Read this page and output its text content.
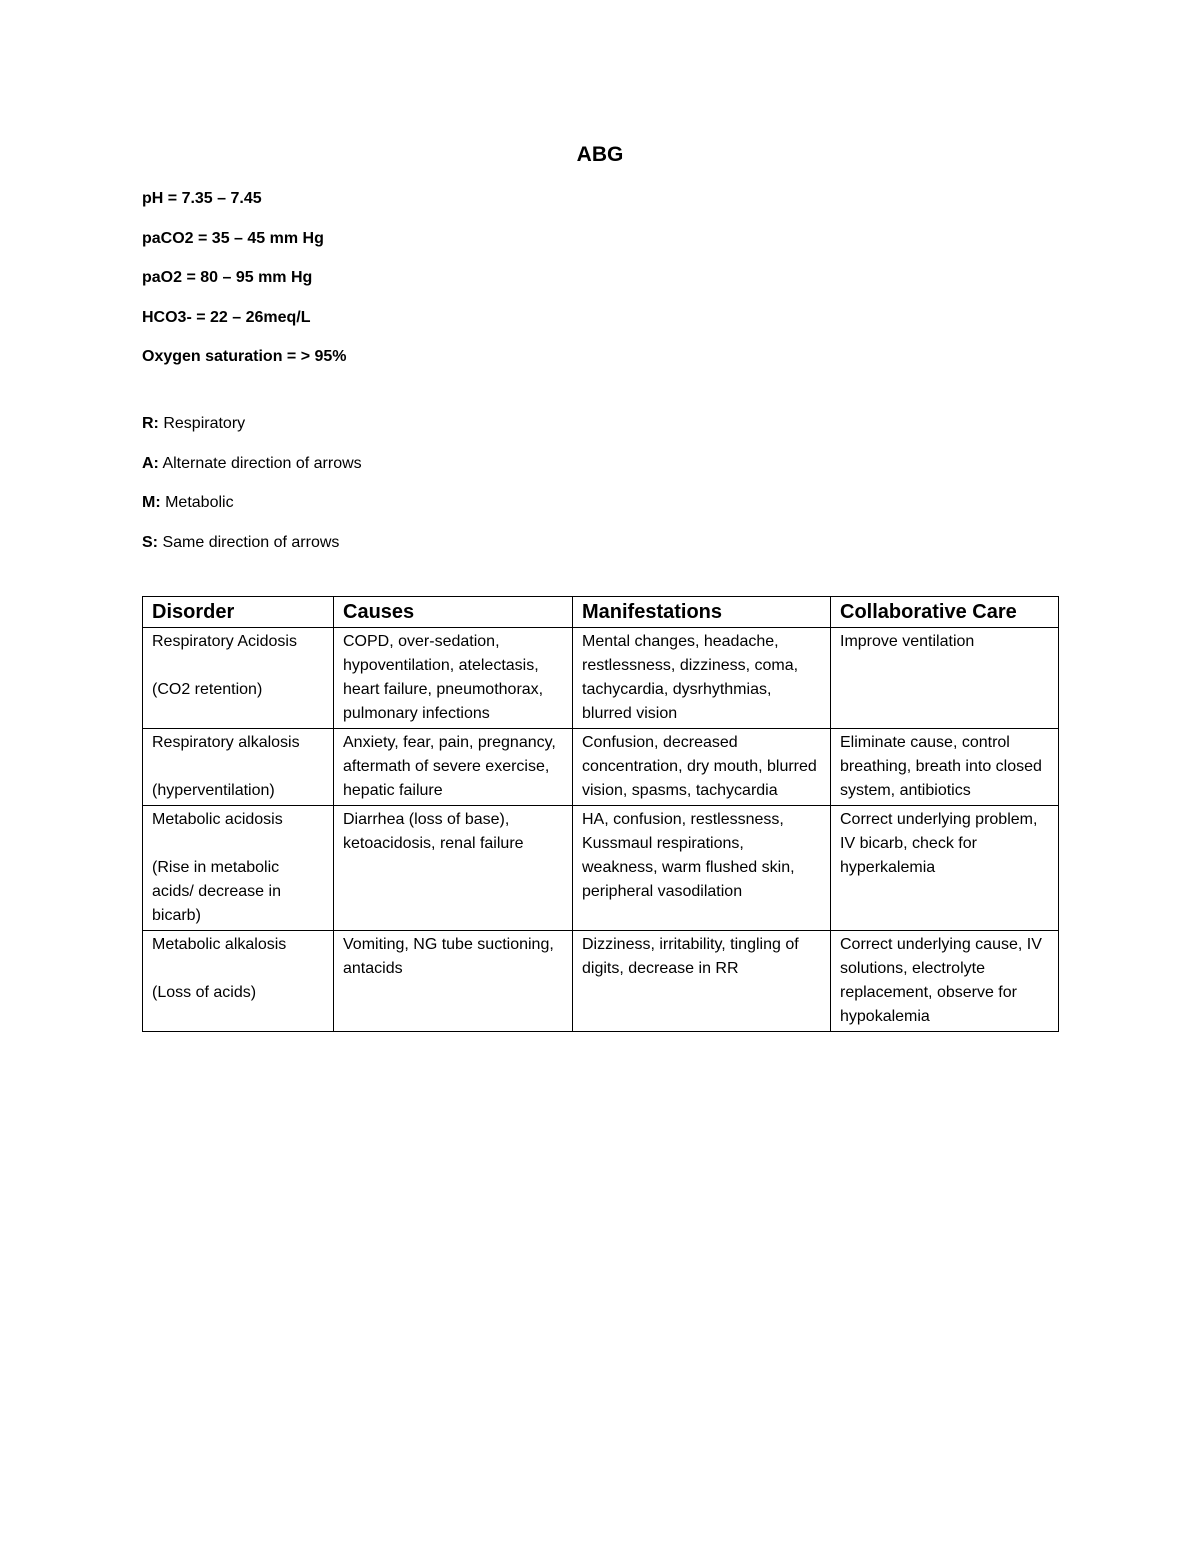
ABG
pH = 7.35 – 7.45
paCO2 = 35 – 45 mm Hg
paO2 = 80 – 95 mm Hg
HCO3- = 22 – 26meq/L
Oxygen saturation = > 95%
R: Respiratory
A: Alternate direction of arrows
M: Metabolic
S: Same direction of arrows
Disorder	Causes	Manifestations	Collaborative Care

Respiratory Acidosis

(CO2 retention)	COPD, over-sedation, hypoventilation, atelectasis, heart failure, pneumothorax, pulmonary infections	Mental changes, headache, restlessness, dizziness, coma, tachycardia, dysrhythmias, blurred vision	Improve ventilation

Respiratory alkalosis

(hyperventilation)	Anxiety, fear, pain, pregnancy, aftermath of severe exercise, hepatic failure	Confusion, decreased concentration, dry mouth, blurred vision, spasms, tachycardia	Eliminate cause, control breathing, breath into closed system, antibiotics

Metabolic acidosis

(Rise in metabolic acids/ decrease in bicarb)	Diarrhea (loss of base), ketoacidosis, renal failure	HA, confusion, restlessness, Kussmaul respirations, weakness, warm flushed skin, peripheral vasodilation	Correct underlying problem, IV bicarb, check for hyperkalemia

Metabolic alkalosis

(Loss of acids)	Vomiting, NG tube suctioning, antacids	Dizziness, irritability, tingling of digits, decrease in RR	Correct underlying cause, IV solutions, electrolyte replacement, observe for hypokalemia
